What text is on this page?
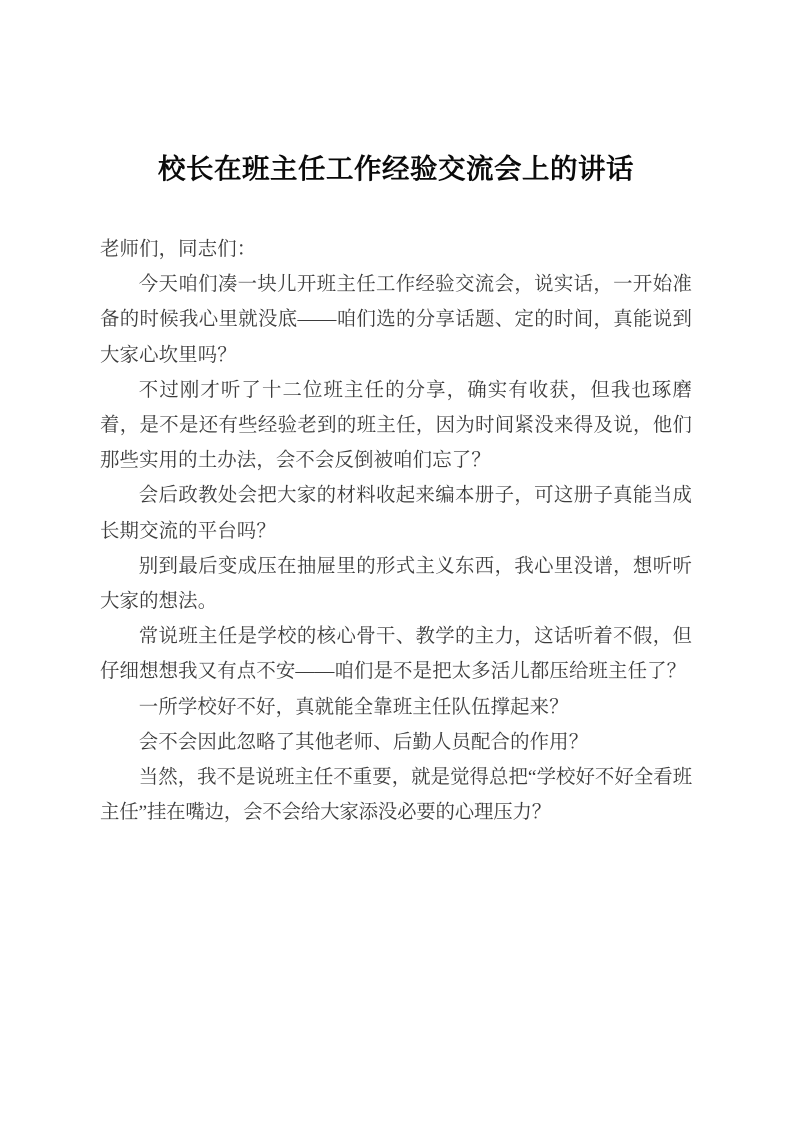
校长在班主任工作经验交流会上的讲话

老师们，同志们：

今天咱们凑一块儿开班主任工作经验交流会，说实话，一开始准备的时候我心里就没底——咱们选的分享话题、定的时间，真能说到大家心坎里吗？

不过刚才听了十二位班主任的分享，确实有收获，但我也琢磨着，是不是还有些经验老到的班主任，因为时间紧没来得及说，他们那些实用的土办法，会不会反倒被咱们忘了？

会后政教处会把大家的材料收起来编本册子，可这册子真能当成长期交流的平台吗？

别到最后变成压在抽屉里的形式主义东西，我心里没谱，想听听大家的想法。

常说班主任是学校的核心骨干、教学的主力，这话听着不假，但仔细想想我又有点不安——咱们是不是把太多活儿都压给班主任了？

一所学校好不好，真就能全靠班主任队伍撑起来？

会不会因此忽略了其他老师、后勤人员配合的作用？

当然，我不是说班主任不重要，就是觉得总把“学校好不好全看班主任”挂在嘴边，会不会给大家添没必要的心理压力？
